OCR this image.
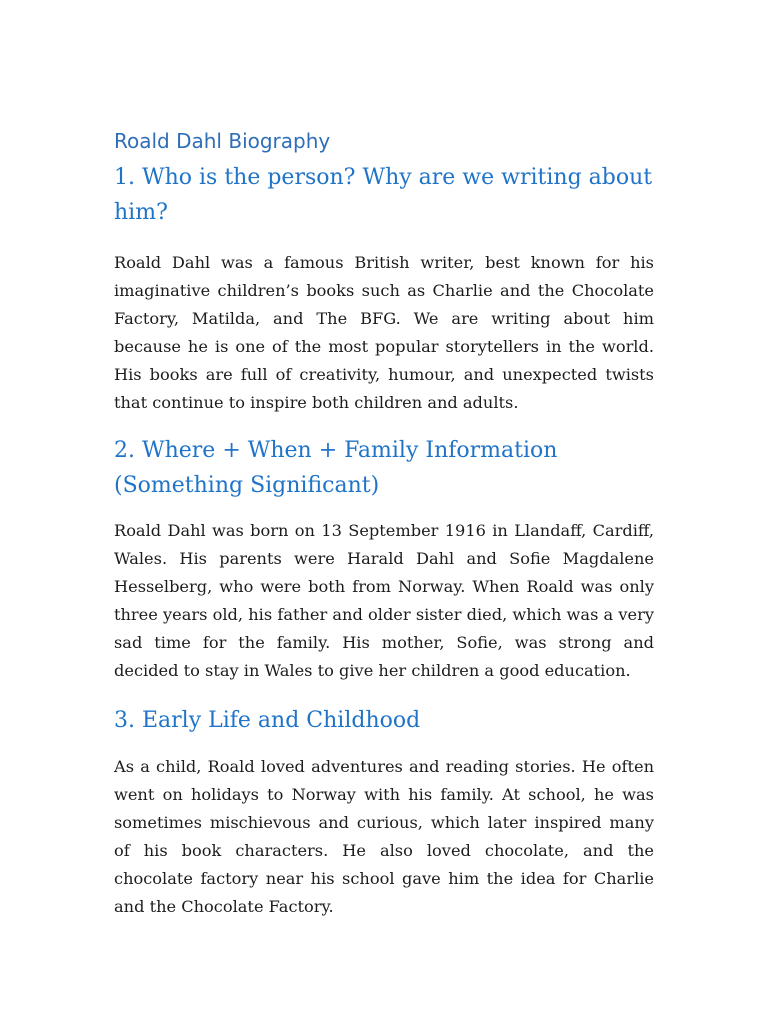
Roald Dahl Biography
1. Who is the person? Why are we writing about him?

Roald Dahl was a famous British writer, best known for his imaginative children’s books such as Charlie and the Chocolate Factory, Matilda, and The BFG. We are writing about him because he is one of the most popular storytellers in the world. His books are full of creativity, humour, and unexpected twists that continue to inspire both children and adults.

2. Where + When + Family Information (Something Significant)

Roald Dahl was born on 13 September 1916 in Llandaff, Cardiff, Wales. His parents were Harald Dahl and Sofie Magdalene Hesselberg, who were both from Norway. When Roald was only three years old, his father and older sister died, which was a very sad time for the family. His mother, Sofie, was strong and decided to stay in Wales to give her children a good education.

3. Early Life and Childhood

As a child, Roald loved adventures and reading stories. He often went on holidays to Norway with his family. At school, he was sometimes mischievous and curious, which later inspired many of his book characters. He also loved chocolate, and the chocolate factory near his school gave him the idea for Charlie and the Chocolate Factory.
